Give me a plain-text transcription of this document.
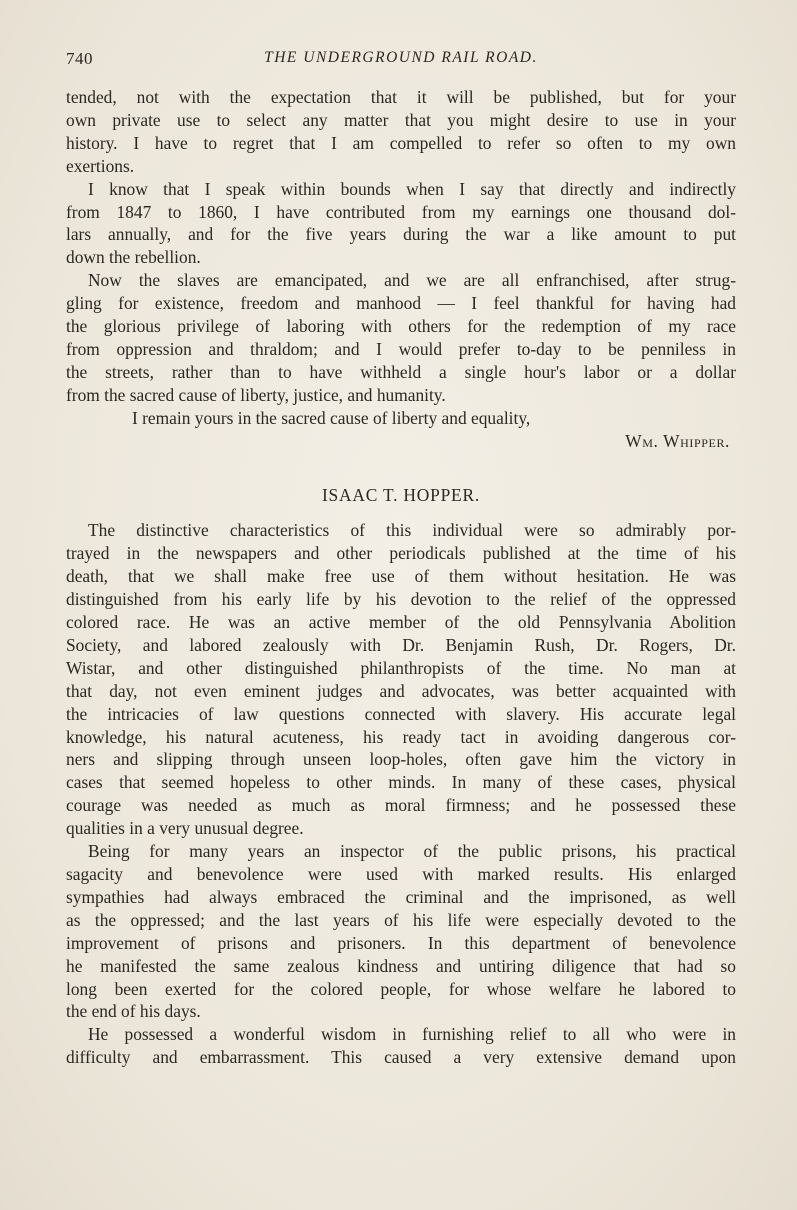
740	THE UNDERGROUND RAIL ROAD.

tended, not with the expectation that it will be published, but for your
own private use to select any matter that you might desire to use in your
history. I have to regret that I am compelled to refer so often to my own
exertions.

I know that I speak within bounds when I say that directly and indirectly
from 1847 to 1860, I have contributed from my earnings one thousand dol-
lars annually, and for the five years during the war a like amount to put
down the rebellion.

Now the slaves are emancipated, and we are all enfranchised, after strug-
gling for existence, freedom and manhood — I feel thankful for having had
the glorious privilege of laboring with others for the redemption of my race
from oppression and thraldom; and I would prefer to-day to be penniless in
the streets, rather than to have withheld a single hour's labor or a dollar
from the sacred cause of liberty, justice, and humanity.

I remain yours in the sacred cause of liberty and equality,

Wm. Whipper.

ISAAC T. HOPPER.

The distinctive characteristics of this individual were so admirably por-
trayed in the newspapers and other periodicals published at the time of his
death, that we shall make free use of them without hesitation. He was
distinguished from his early life by his devotion to the relief of the oppressed
colored race. He was an active member of the old Pennsylvania Abolition
Society, and labored zealously with Dr. Benjamin Rush, Dr. Rogers, Dr.
Wistar, and other distinguished philanthropists of the time. No man at
that day, not even eminent judges and advocates, was better acquainted with
the intricacies of law questions connected with slavery. His accurate legal
knowledge, his natural acuteness, his ready tact in avoiding dangerous cor-
ners and slipping through unseen loop-holes, often gave him the victory in
cases that seemed hopeless to other minds. In many of these cases, physical
courage was needed as much as moral firmness; and he possessed these
qualities in a very unusual degree.

Being for many years an inspector of the public prisons, his practical
sagacity and benevolence were used with marked results. His enlarged
sympathies had always embraced the criminal and the imprisoned, as well
as the oppressed; and the last years of his life were especially devoted to the
improvement of prisons and prisoners. In this department of benevolence
he manifested the same zealous kindness and untiring diligence that had so
long been exerted for the colored people, for whose welfare he labored to
the end of his days.

He possessed a wonderful wisdom in furnishing relief to all who were in
difficulty and embarrassment. This caused a very extensive demand upon
